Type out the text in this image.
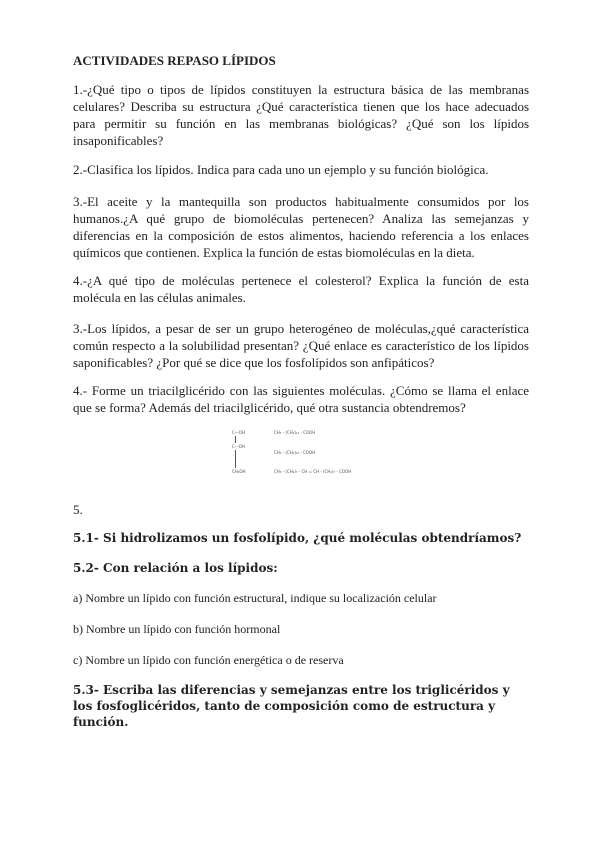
ACTIVIDADES REPASO LÍPIDOS

1.-¿Qué tipo o tipos de lípidos constituyen la estructura básica de las membranas celulares? Describa su estructura ¿Qué característica tienen que los hace adecuados para permitir su función en las membranas biológicas? ¿Qué son los lípidos insaponificables?

2.-Clasifica los lípidos. Indica para cada uno un ejemplo y su función biológica.

3.-El aceite y la mantequilla son productos habitualmente consumidos por los humanos.¿A qué grupo de biomoléculas pertenecen? Analiza las semejanzas y diferencias en la composición de estos alimentos, haciendo referencia a los enlaces químicos que contienen. Explica la función de estas biomoléculas en la dieta.

4.-¿A qué tipo de moléculas pertenece el colesterol? Explica la función de esta molécula en las células animales.

3.-Los lípidos, a pesar de ser un grupo heterogéneo de moléculas,¿qué característica común respecto a la solubilidad presentan? ¿Qué enlace es característico de los lípidos saponificables? ¿Por qué se dice que los fosfolípidos son anfipáticos?

4.- Forme un triacilglicérido con las siguientes moléculas. ¿Cómo se llama el enlace que se forma? Además del triacilglicérido, qué otra sustancia obtendremos?

C—OH
C—OH
CH₂OH
CH₃ - (CH₂)₁₄ - COOH
CH₃ - (CH₂)₁₆ - COOH
CH₃ - (CH₂)₇ - CH = CH - (CH₂)₇ - COOH

5.

5.1- Si hidrolizamos un fosfolípido, ¿qué moléculas obtendríamos?

5.2- Con relación a los lípidos:

a) Nombre un lípido con función estructural, indique su localización celular

b) Nombre un lípido con función hormonal

c) Nombre un lípido con función energética o de reserva

5.3- Escriba las diferencias y semejanzas entre los triglicéridos y los fosfoglicéridos, tanto de composición como de estructura y función.
